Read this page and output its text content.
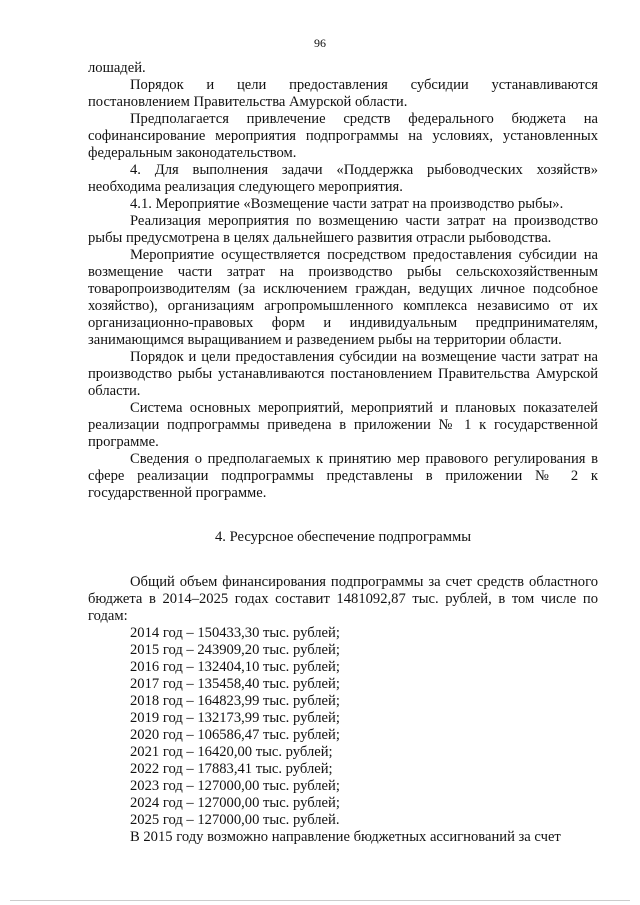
96

лошадей.

Порядок и цели предоставления субсидии устанавливаются постановлением Правительства Амурской области.

Предполагается привлечение средств федерального бюджета на софинансирование мероприятия подпрограммы на условиях, установленных федеральным законодательством.

4. Для выполнения задачи «Поддержка рыбоводческих хозяйств» необходима реализация следующего мероприятия.

4.1. Мероприятие «Возмещение части затрат на производство рыбы».

Реализация мероприятия по возмещению части затрат на производство рыбы предусмотрена в целях дальнейшего развития отрасли рыбоводства.

Мероприятие осуществляется посредством предоставления субсидии на возмещение части затрат на производство рыбы сельскохозяйственным товаропроизводителям (за исключением граждан, ведущих личное подсобное хозяйство), организациям агропромышленного комплекса независимо от их организационно-правовых форм и индивидуальным предпринимателям, занимающимся выращиванием и разведением рыбы на территории области.

Порядок и цели предоставления субсидии на возмещение части затрат на производство рыбы устанавливаются постановлением Правительства Амурской области.

Система основных мероприятий, мероприятий и плановых показателей реализации подпрограммы приведена в приложении № 1 к государственной программе.

Сведения о предполагаемых к принятию мер правового регулирования в сфере реализации подпрограммы представлены в приложении № 2 к государственной программе.

4. Ресурсное обеспечение подпрограммы

Общий объем финансирования подпрограммы за счет средств областного бюджета в 2014–2025 годах составит 1481092,87 тыс. рублей, в том числе по годам:

2014 год – 150433,30 тыс. рублей;
2015 год – 243909,20 тыс. рублей;
2016 год – 132404,10 тыс. рублей;
2017 год – 135458,40 тыс. рублей;
2018 год – 164823,99 тыс. рублей;
2019 год – 132173,99 тыс. рублей;
2020 год – 106586,47 тыс. рублей;
2021 год – 16420,00 тыс. рублей;
2022 год – 17883,41 тыс. рублей;
2023 год – 127000,00 тыс. рублей;
2024 год – 127000,00 тыс. рублей;
2025 год – 127000,00 тыс. рублей.

В 2015 году возможно направление бюджетных ассигнований за счет
